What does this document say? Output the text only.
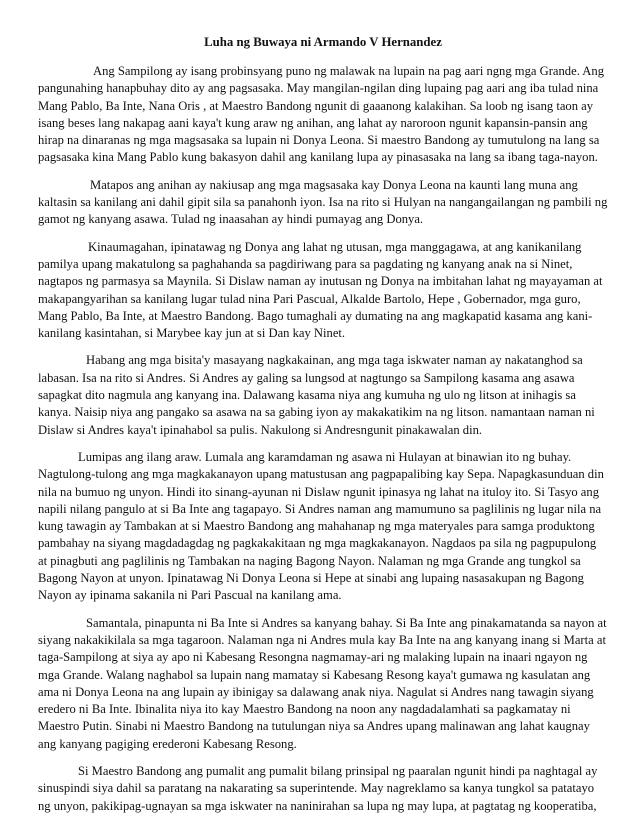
Luha ng Buwaya ni Armando V Hernandez

Ang Sampilong ay isang probinsyang puno ng malawak na lupain na pag aari ngng mga Grande. Ang pangunahing hanapbuhay dito ay ang pagsasaka. May mangilan-ngilan ding lupaing pag aari ang iba tulad nina Mang Pablo, Ba Inte, Nana Oris , at Maestro Bandong ngunit di gaaanong kalakihan. Sa loob ng isang taon ay isang beses lang nakapag aani kaya't kung araw ng anihan, ang lahat ay naroroon ngunit kapansin-pansin ang hirap na dinaranas ng mga magsasaka sa lupain ni Donya Leona. Si maestro Bandong ay tumutulong na lang sa pagsasaka kina Mang Pablo kung bakasyon dahil ang kanilang lupa ay pinasasaka na lang sa ibang taga-nayon.

Matapos ang anihan ay nakiusap ang mga magsasaka kay Donya Leona na kaunti lang muna ang kaltasin sa kanilang ani dahil gipit sila sa panahonh iyon. Isa na rito si Hulyan na nangangailangan ng pambili ng gamot ng kanyang asawa. Tulad ng inaasahan ay hindi pumayag ang Donya.

Kinaumagahan, ipinatawag ng Donya ang lahat ng utusan, mga manggagawa, at ang kanikanilang pamilya upang makatulong sa paghahanda sa pagdiriwang para sa pagdating ng kanyang anak na si Ninet, nagtapos ng parmasya sa Maynila. Si Dislaw naman ay inutusan ng Donya na imbitahan lahat ng mayayaman at makapangyarihan sa kanilang lugar tulad nina Pari Pascual, Alkalde Bartolo, Hepe , Gobernador, mga guro, Mang Pablo, Ba Inte, at Maestro Bandong. Bago tumaghali ay dumating na ang magkapatid kasama ang kani-kanilang kasintahan, si Marybee kay jun at si Dan kay Ninet.

Habang ang mga bisita'y masayang nagkakainan, ang mga taga iskwater naman ay nakatanghod sa labasan. Isa na rito si Andres. Si Andres ay galing sa lungsod at nagtungo sa Sampilong kasama ang asawa sapagkat dito nagmula ang kanyang ina. Dalawang kasama niya ang kumuha ng ulo ng litson at inihagis sa kanya. Naisip niya ang pangako sa asawa na sa gabing iyon ay makakatikim na ng litson. namantaan naman ni Dislaw si Andres kaya't ipinahabol sa pulis. Nakulong si Andresngunit pinakawalan din.

Lumipas ang ilang araw. Lumala ang karamdaman ng asawa ni Hulayan at binawian ito ng buhay. Nagtulong-tulong ang mga magkakanayon upang matustusan ang pagpapalibing kay Sepa. Napagkasunduan din nila na bumuo ng unyon. Hindi ito sinang-ayunan ni Dislaw ngunit ipinasya ng lahat na ituloy ito. Si Tasyo ang napili nilang pangulo at si Ba Inte ang tagapayo. Si Andres naman ang mamumuno sa paglilinis ng lugar nila na kung tawagin ay Tambakan at si Maestro Bandong ang mahahanap ng mga materyales para samga produktong pambahay na siyang magdadagdag ng pagkakakitaan ng mga magkakanayon. Nagdaos pa sila ng pagpupulong at pinagbuti ang paglilinis ng Tambakan na naging Bagong Nayon. Nalaman ng mga Grande ang tungkol sa Bagong Nayon at unyon. Ipinatawag Ni Donya Leona si Hepe at sinabi ang lupaing nasasakupan ng Bagong Nayon ay ipinama sakanila ni Pari Pascual na kanilang ama.

Samantala, pinapunta ni Ba Inte si Andres sa kanyang bahay. Si Ba Inte ang pinakamatanda sa nayon at siyang nakakikilala sa mga tagaroon. Nalaman nga ni Andres mula kay Ba Inte na ang kanyang inang si Marta at taga-Sampilong at siya ay apo ni Kabesang Resongna nagmamay-ari ng malaking lupain na inaari ngayon ng mga Grande. Walang naghabol sa lupain nang mamatay si Kabesang Resong kaya't gumawa ng kasulatan ang ama ni Donya Leona na ang lupain ay ibinigay sa dalawang anak niya. Nagulat si Andres nang tawagin siyang eredero ni Ba Inte. Ibinalita niya ito kay Maestro Bandong na noon any nagdadalamhati sa pagkamatay ni Maestro Putin. Sinabi ni Maestro Bandong na tutulungan niya sa Andres upang malinawan ang lahat kaugnay ang kanyang pagiging erederoni Kabesang Resong.

Si Maestro Bandong ang pumalit ang pumalit bilang prinsipal ng paaralan ngunit hindi pa naghtagal ay sinuspindi siya dahil sa paratang na nakarating sa superintende. May nagreklamo sa kanya tungkol sa patatayo ng unyon, pakikipag-ugnayan sa mga iskwater na naninirahan sa lupa ng may lupa, at pagtatag ng kooperatiba,
